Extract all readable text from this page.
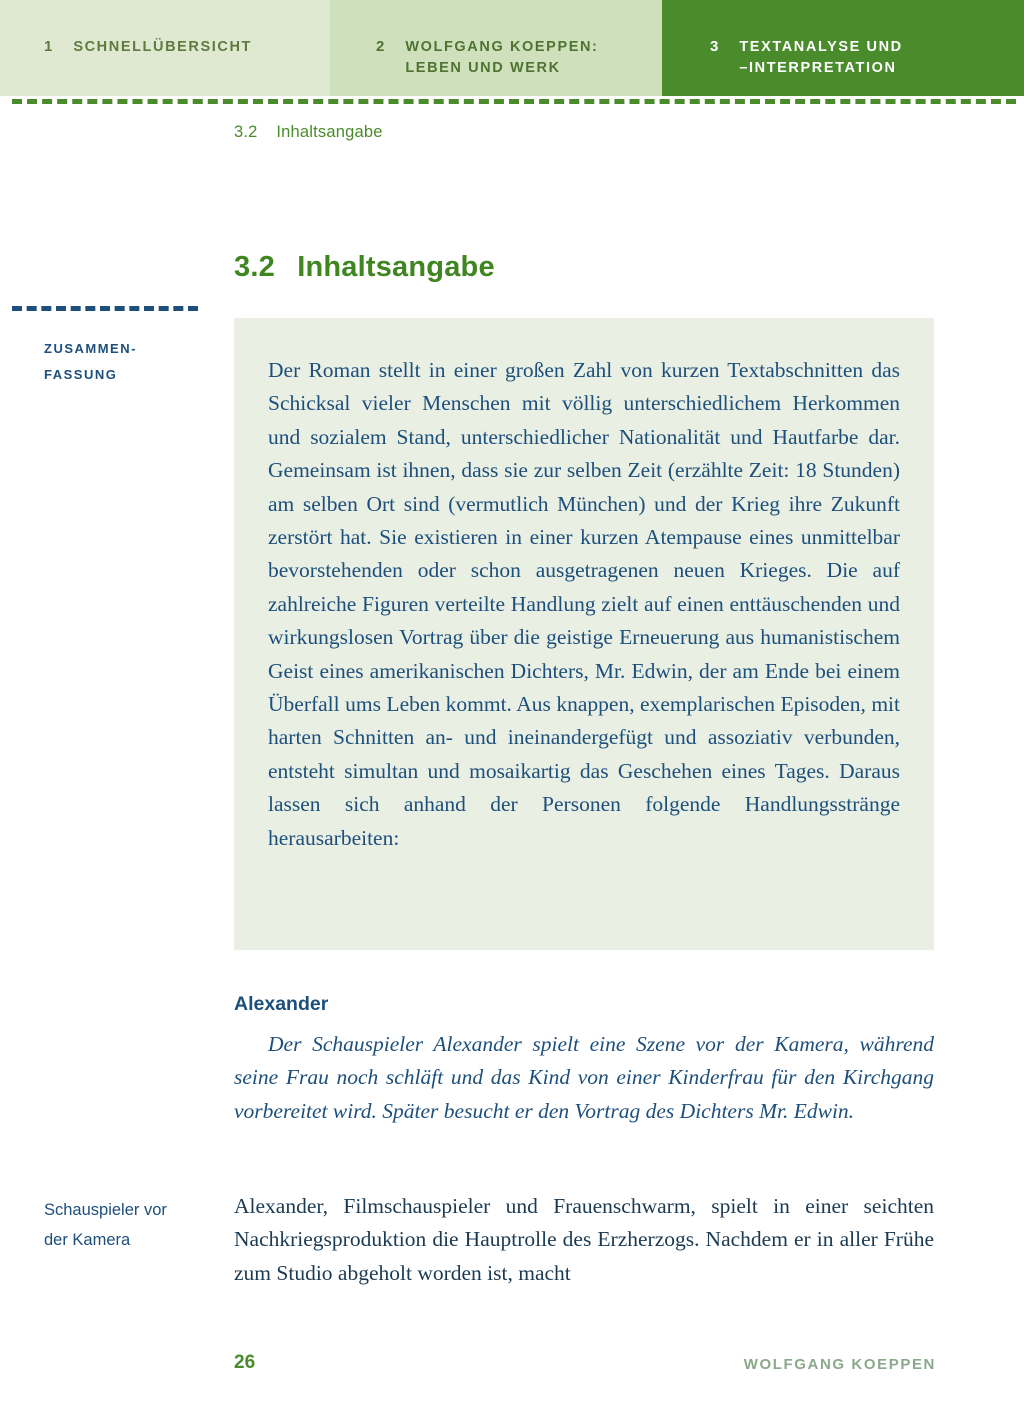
1 SCHNELLÜBERSICHT	2 WOLFGANG KOEPPEN:
LEBEN UND WERK
3 TEXTANALYSE UND
–INTERPRETATION
3.2 Inhaltsangabe
3.2 Inhaltsangabe
ZUSAMMEN-
FASSUNG	Der Roman stellt in einer großen Zahl von kurzen Textabschnitten das Schicksal vieler Menschen mit völlig unterschiedlichem Herkommen und sozialem Stand, unterschiedlicher Nationalität und Hautfarbe dar. Gemeinsam ist ihnen, dass sie zur selben Zeit (erzählte Zeit: 18 Stunden) am selben Ort sind (vermutlich München) und der Krieg ihre Zukunft zerstört hat. Sie existieren in einer kurzen Atempause eines unmittelbar bevorstehenden oder schon ausgetragenen neuen Krieges. Die auf zahlreiche Figuren verteilte Handlung zielt auf einen enttäuschenden und wirkungslosen Vortrag über die geistige Erneuerung aus humanistischem Geist eines amerikanischen Dichters, Mr. Edwin, der am Ende bei einem Überfall ums Leben kommt. Aus knappen, exemplarischen Episoden, mit harten Schnitten an- und ineinandergefügt und assoziativ verbunden, entsteht simultan und mosaikartig das Geschehen eines Tages. Daraus lassen sich anhand der Personen folgende Handlungsstränge herausarbeiten:

Alexander

Der Schauspieler Alexander spielt eine Szene vor der Kamera, während seine Frau noch schläft und das Kind von einer Kinderfrau für den Kirchgang vorbereitet wird. Später besucht er den Vortrag des Dichters Mr. Edwin.

Schauspieler vor
der Kamera

Alexander, Filmschauspieler und Frauenschwarm, spielt in einer seichten Nachkriegsproduktion die Hauptrolle des Erzherzogs. Nachdem er in aller Frühe zum Studio abgeholt worden ist, macht

26	WOLFGANG KOEPPEN
